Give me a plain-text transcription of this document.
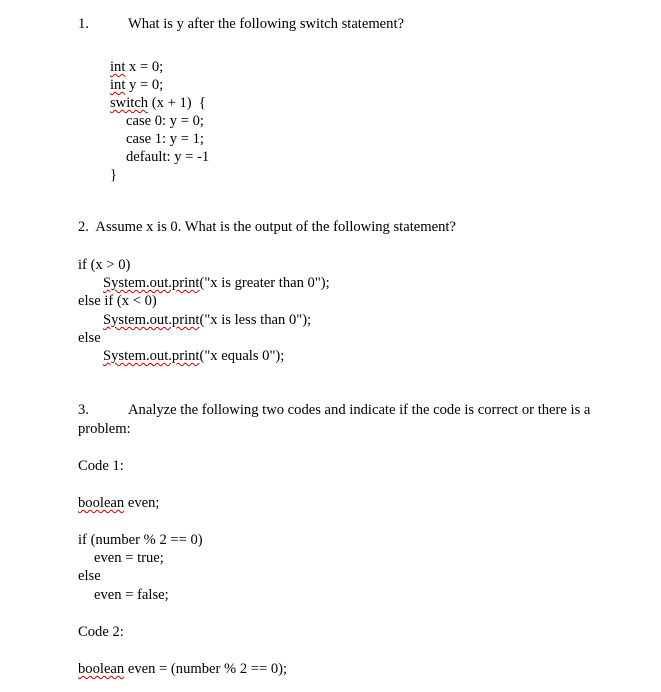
1.	What is y after the following switch statement?
int x = 0;
int y = 0;
switch (x + 1)  {
case 0: y = 0;
case 1: y = 1;
default: y = -1
}
2.  Assume x is 0. What is the output of the following statement?
if (x > 0)
System.out.print("x is greater than 0");
else if (x < 0)
System.out.print("x is less than 0");
else
System.out.print("x equals 0");
3.	Analyze the following two codes and indicate if the code is correct or there is a
problem:
Code 1:
boolean even;
if (number % 2 == 0)
even = true;
else
even = false;
Code 2:
boolean even = (number % 2 == 0);
